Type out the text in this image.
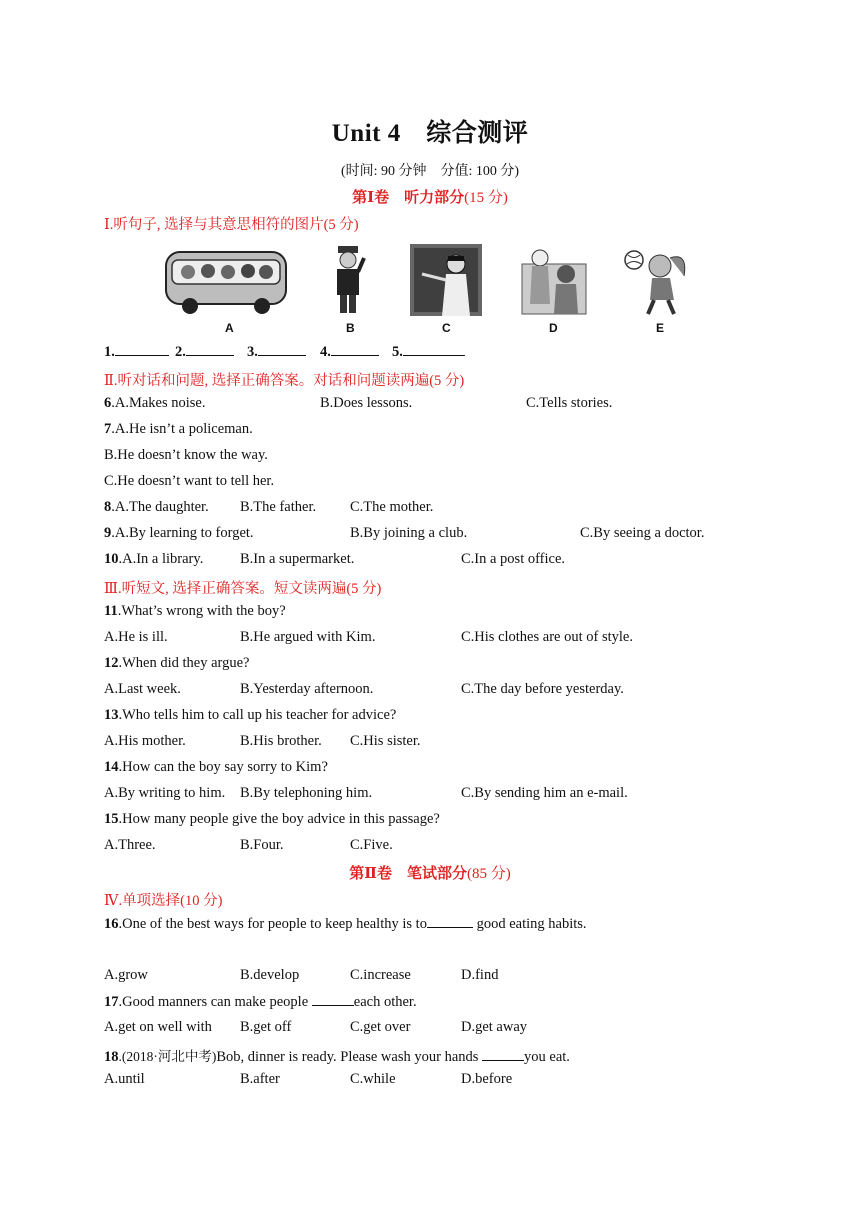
Unit 4　综合测评
(时间: 90 分钟　分值: 100 分)
第Ⅰ卷　听力部分(15 分)
Ⅰ.听句子, 选择与其意思相符的图片(5 分)
A	B	C	D	E
1.	2.	3.	4.	5.
Ⅱ.听对话和问题, 选择正确答案。对话和问题读两遍(5 分)
6.A.Makes noise.	B.Does lessons.	C.Tells stories.
7.A.He isn’t a policeman.
B.He doesn’t know the way.
C.He doesn’t want to tell her.
8.A.The daughter. B.The father. C.The mother.
9.A.By learning to forget.	B.By joining a club.	C.By seeing a doctor.
10.A.In a library.	B.In a supermarket.	C.In a post office.
Ⅲ.听短文, 选择正确答案。短文读两遍(5 分)
11.What’s wrong with the boy?
A.He is ill.	B.He argued with Kim.	C.His clothes are out of style.
12.When did they argue?
A.Last week.	B.Yesterday afternoon.	C.The day before yesterday.
13.Who tells him to call up his teacher for advice?
A.His mother.	B.His brother. C.His sister.
14.How can the boy say sorry to Kim?
A.By writing to him. B.By telephoning him.	C.By sending him an e-mail.
15.How many people give the boy advice in this passage?
A.Three.	B.Four.	C.Five.
第Ⅱ卷　笔试部分(85 分)
Ⅳ.单项选择(10 分)
16.One of the best ways for people to keep healthy is to	good eating habits.
A.grow	B.develop	C.increase	D.find
17.Good manners can make people	each other.
A.get on well with B.get off	C.get over	D.get away
18.(2018·河北中考)Bob, dinner is ready. Please wash your hands	you eat.
A.until	B.after	C.while	D.before
